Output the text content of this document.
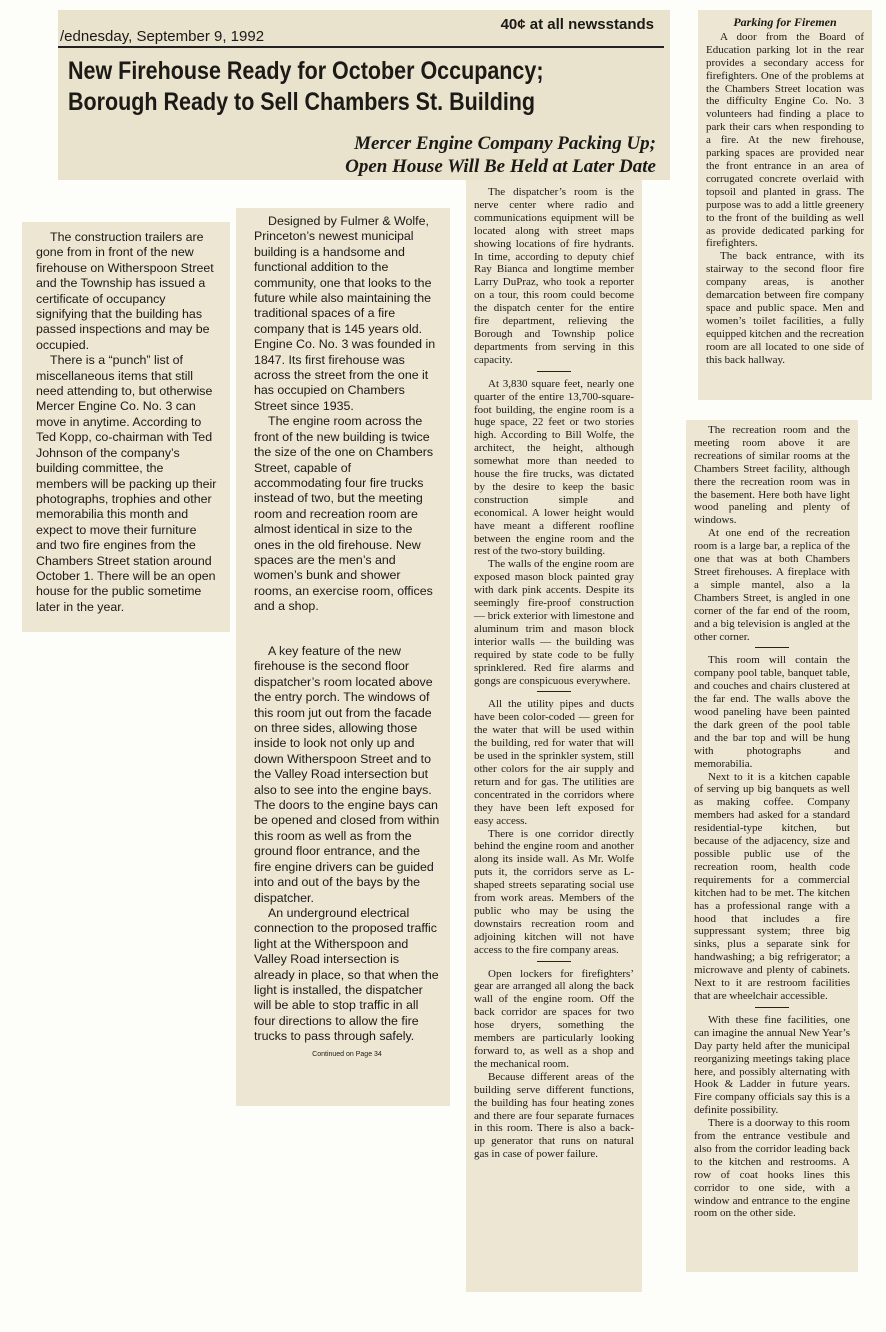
/ednesday, September 9, 1992
40¢ at all newsstands
New Firehouse Ready for October Occupancy;
Borough Ready to Sell Chambers St. Building
Mercer Engine Company Packing Up;
Open House Will Be Held at Later Date

The construction trailers are gone from in front of the new firehouse on Witherspoon Street and the Township has issued a certificate of occupancy signifying that the building has passed inspections and may be occupied.

There is a “punch” list of miscellaneous items that still need attending to, but otherwise Mercer Engine Co. No. 3 can move in anytime. According to Ted Kopp, co-chairman with Ted Johnson of the company’s building committee, the members will be packing up their photographs, trophies and other memorabilia this month and expect to move their furniture and two fire engines from the Chambers Street station around October 1. There will be an open house for the public sometime later in the year.

Designed by Fulmer & Wolfe, Princeton’s newest municipal building is a handsome and functional addition to the community, one that looks to the future while also maintaining the traditional spaces of a fire company that is 145 years old. Engine Co. No. 3 was founded in 1847. Its first firehouse was across the street from the one it has occupied on Chambers Street since 1935.

The engine room across the front of the new building is twice the size of the one on Chambers Street, capable of accommodating four fire trucks instead of two, but the meeting room and recreation room are almost identical in size to the ones in the old firehouse. New spaces are the men’s and women’s bunk and shower rooms, an exercise room, offices and a shop.

A key feature of the new firehouse is the second floor dispatcher’s room located above the entry porch. The windows of this room jut out from the facade on three sides, allowing those inside to look not only up and down Witherspoon Street and to the Valley Road intersection but also to see into the engine bays. The doors to the engine bays can be opened and closed from within this room as well as from the ground floor entrance, and the fire engine drivers can be guided into and out of the bays by the dispatcher.

An underground electrical connection to the proposed traffic light at the Witherspoon and Valley Road intersection is already in place, so that when the light is installed, the dispatcher will be able to stop traffic in all four directions to allow the fire trucks to pass through safely.

Continued on Page 34

The dispatcher’s room is the nerve center where radio and communications equipment will be located along with street maps showing locations of fire hydrants. In time, according to deputy chief Ray Bianca and longtime member Larry DuPraz, who took a reporter on a tour, this room could become the dispatch center for the entire fire department, relieving the Borough and Township police departments from serving in this capacity.

At 3,830 square feet, nearly one quarter of the entire 13,700-square-foot building, the engine room is a huge space, 22 feet or two stories high. According to Bill Wolfe, the architect, the height, although somewhat more than needed to house the fire trucks, was dictated by the desire to keep the basic construction simple and economical. A lower height would have meant a different roofline between the engine room and the rest of the two-story building.

The walls of the engine room are exposed mason block painted gray with dark pink accents. Despite its seemingly fire-proof construction — brick exterior with limestone and aluminum trim and mason block interior walls — the building was required by state code to be fully sprinklered. Red fire alarms and gongs are conspicuous everywhere.

All the utility pipes and ducts have been color-coded — green for the water that will be used within the building, red for water that will be used in the sprinkler system, still other colors for the air supply and return and for gas. The utilities are concentrated in the corridors where they have been left exposed for easy access.

There is one corridor directly behind the engine room and another along its inside wall. As Mr. Wolfe puts it, the corridors serve as L-shaped streets separating social use from work areas. Members of the public who may be using the downstairs recreation room and adjoining kitchen will not have access to the fire company areas.

Open lockers for firefighters’ gear are arranged all along the back wall of the engine room. Off the back corridor are spaces for two hose dryers, something the members are particularly looking forward to, as well as a shop and the mechanical room.

Because different areas of the building serve different functions, the building has four heating zones and there are four separate furnaces in this room. There is also a back-up generator that runs on natural gas in case of power failure.

Parking for Firemen

A door from the Board of Education parking lot in the rear provides a secondary access for firefighters. One of the problems at the Chambers Street location was the difficulty Engine Co. No. 3 volunteers had finding a place to park their cars when responding to a fire. At the new firehouse, parking spaces are provided near the front entrance in an area of corrugated concrete overlaid with topsoil and planted in grass. The purpose was to add a little greenery to the front of the building as well as provide dedicated parking for firefighters.

The back entrance, with its stairway to the second floor fire company areas, is another demarcation between fire company space and public space. Men and women’s toilet facilities, a fully equipped kitchen and the recreation room are all located to one side of this back hallway.

The recreation room and the meeting room above it are recreations of similar rooms at the Chambers Street facility, although there the recreation room was in the basement. Here both have light wood paneling and plenty of windows.

At one end of the recreation room is a large bar, a replica of the one that was at both Chambers Street firehouses. A fireplace with a simple mantel, also a la Chambers Street, is angled in one corner of the far end of the room, and a big television is angled at the other corner.

This room will contain the company pool table, banquet table, and couches and chairs clustered at the far end. The walls above the wood paneling have been painted the dark green of the pool table and the bar top and will be hung with photographs and memorabilia.

Next to it is a kitchen capable of serving up big banquets as well as making coffee. Company members had asked for a standard residential-type kitchen, but because of the adjacency, size and possible public use of the recreation room, health code requirements for a commercial kitchen had to be met. The kitchen has a professional range with a hood that includes a fire suppressant system; three big sinks, plus a separate sink for handwashing; a big refrigerator; a microwave and plenty of cabinets. Next to it are restroom facilities that are wheelchair accessible.

With these fine facilities, one can imagine the annual New Year’s Day party held after the municipal reorganizing meetings taking place here, and possibly alternating with Hook & Ladder in future years. Fire company officials say this is a definite possibility.

There is a doorway to this room from the entrance vestibule and also from the corridor leading back to the kitchen and restrooms. A row of coat hooks lines this corridor to one side, with a window and entrance to the engine room on the other side.
